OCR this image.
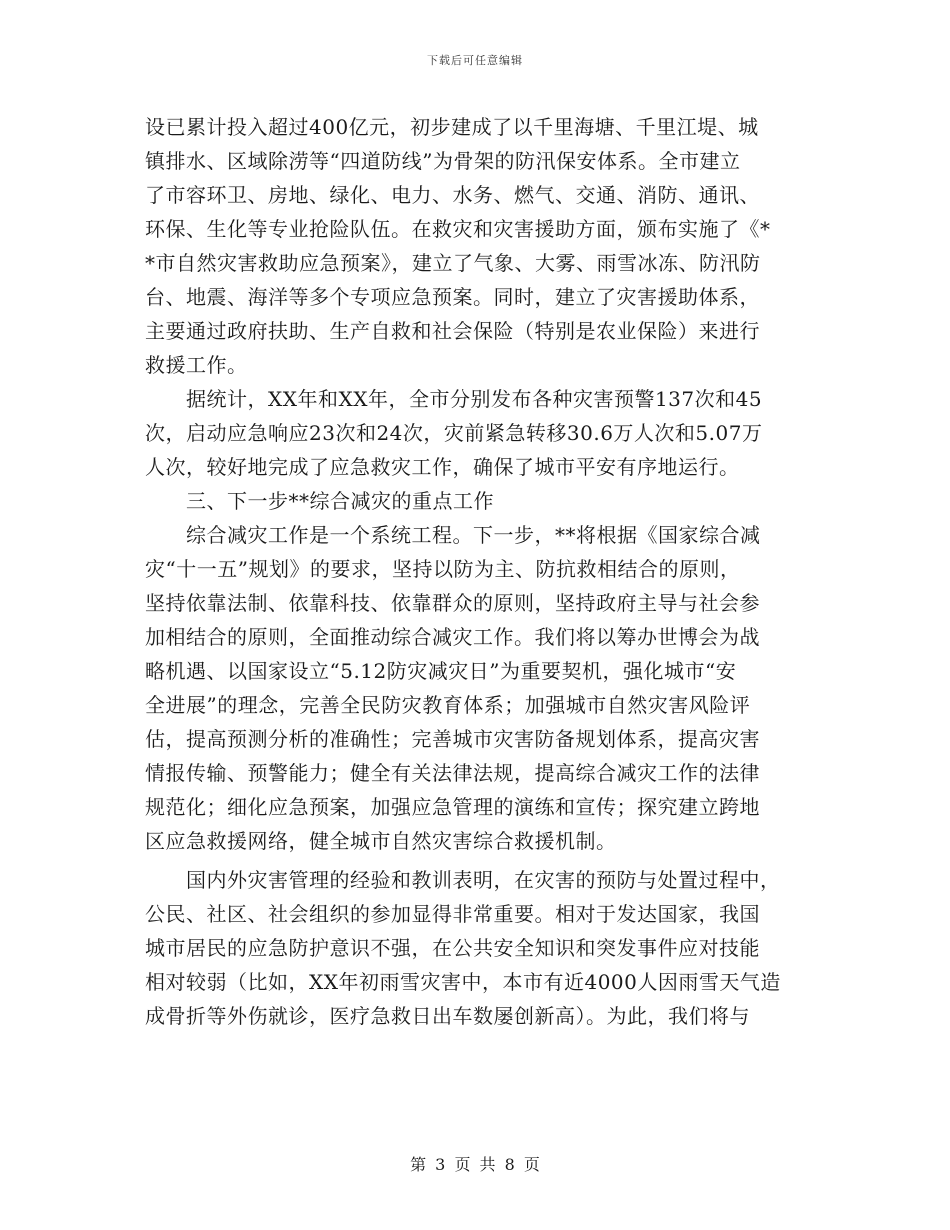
下载后可任意编辑
设已累计投入超过400亿元，初步建成了以千里海塘、千里江堤、城
镇排水、区域除涝等“四道防线”为骨架的防汛保安体系。全市建立
了市容环卫、房地、绿化、电力、水务、燃气、交通、消防、通讯、
环保、生化等专业抢险队伍。在救灾和灾害援助方面，颁布实施了《*
*市自然灾害救助应急预案》，建立了气象、大雾、雨雪冰冻、防汛防
台、地震、海洋等多个专项应急预案。同时，建立了灾害援助体系，
主要通过政府扶助、生产自救和社会保险（特别是农业保险）来进行
救援工作。
　　据统计，XX年和XX年，全市分别发布各种灾害预警137次和45
次，启动应急响应23次和24次，灾前紧急转移30.6万人次和5.07万
人次，较好地完成了应急救灾工作，确保了城市平安有序地运行。
　　三、下一步**综合减灾的重点工作
　　综合减灾工作是一个系统工程。下一步，**将根据《国家综合减
灾“十一五”规划》的要求，坚持以防为主、防抗救相结合的原则，
坚持依靠法制、依靠科技、依靠群众的原则，坚持政府主导与社会参
加相结合的原则，全面推动综合减灾工作。我们将以筹办世博会为战
略机遇、以国家设立“5.12防灾减灾日”为重要契机，强化城市“安
全进展”的理念，完善全民防灾教育体系；加强城市自然灾害风险评
估，提高预测分析的准确性；完善城市灾害防备规划体系，提高灾害
情报传输、预警能力；健全有关法律法规，提高综合减灾工作的法律
规范化；细化应急预案，加强应急管理的演练和宣传；探究建立跨地
区应急救援网络，健全城市自然灾害综合救援机制。
　　国内外灾害管理的经验和教训表明，在灾害的预防与处置过程中，
公民、社区、社会组织的参加显得非常重要。相对于发达国家，我国
城市居民的应急防护意识不强，在公共安全知识和突发事件应对技能
相对较弱（比如，XX年初雨雪灾害中，本市有近4000人因雨雪天气造
成骨折等外伤就诊，医疗急救日出车数屡创新高）。为此，我们将与
第 3 页 共 8 页
